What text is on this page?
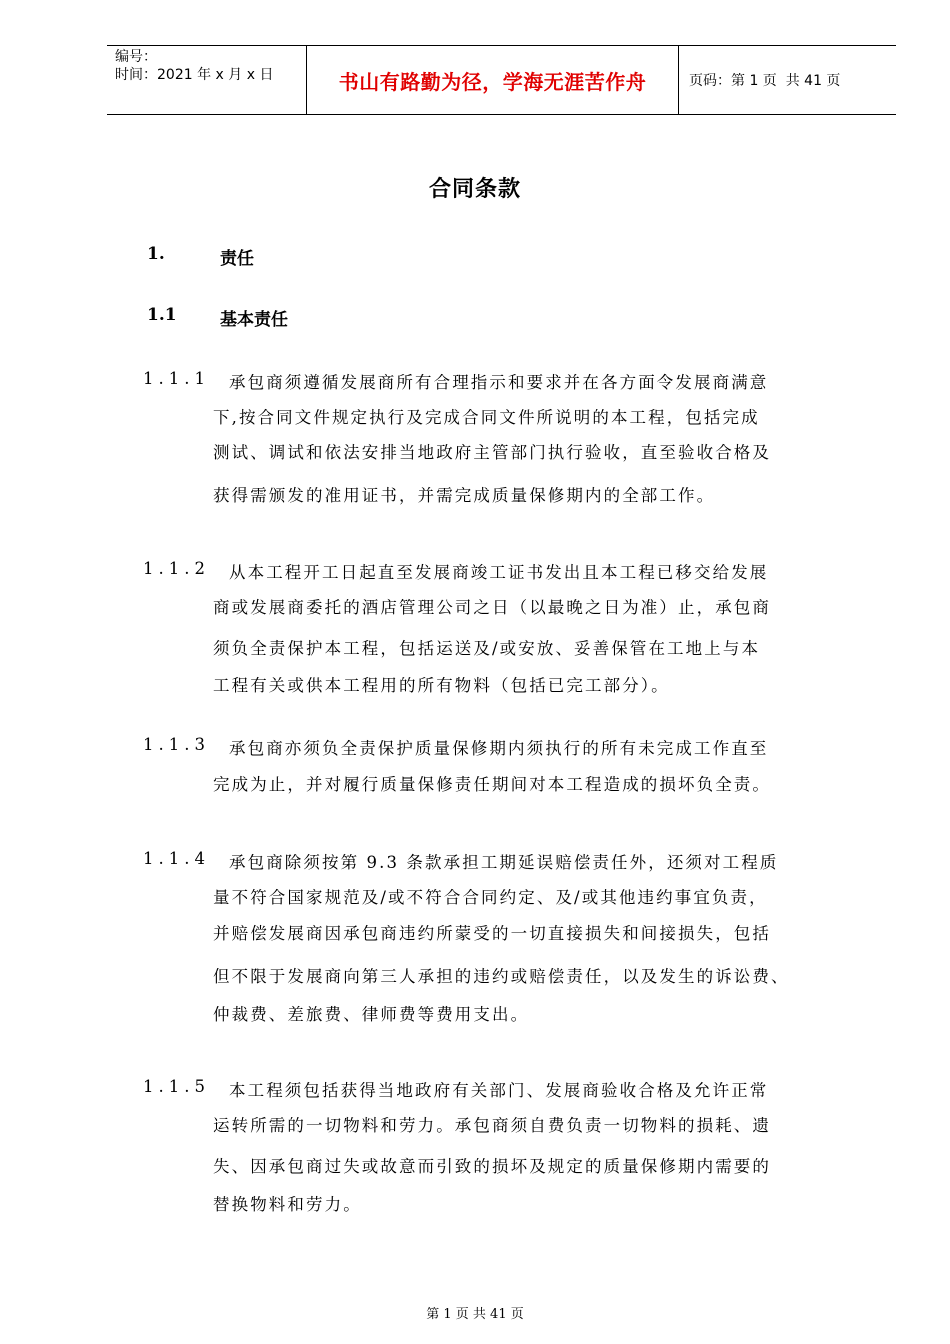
编号：
时间：2021 年 x 月 x 日	书山有路勤为径，学海无涯苦作舟	页码：第 1 页  共 41 页
合同条款
1.	责任
1.1	基本责任
1.1.1 承包商须遵循发展商所有合理指示和要求并在各方面令发展商满意
下,按合同文件规定执行及完成合同文件所说明的本工程，包括完成
测试、调试和依法安排当地政府主管部门执行验收，直至验收合格及
获得需颁发的准用证书，并需完成质量保修期内的全部工作。
1.1.2 从本工程开工日起直至发展商竣工证书发出且本工程已移交给发展
商或发展商委托的酒店管理公司之日（以最晚之日为准）止，承包商
须负全责保护本工程，包括运送及/或安放、妥善保管在工地上与本
工程有关或供本工程用的所有物料（包括已完工部分）。
1.1.3 承包商亦须负全责保护质量保修期内须执行的所有未完成工作直至
完成为止，并对履行质量保修责任期间对本工程造成的损坏负全责。
1.1.4 承包商除须按第 9.3 条款承担工期延误赔偿责任外，还须对工程质
量不符合国家规范及/或不符合合同约定、及/或其他违约事宜负责，
并赔偿发展商因承包商违约所蒙受的一切直接损失和间接损失，包括
但不限于发展商向第三人承担的违约或赔偿责任，以及发生的诉讼费、
仲裁费、差旅费、律师费等费用支出。
1.1.5 本工程须包括获得当地政府有关部门、发展商验收合格及允许正常
运转所需的一切物料和劳力。承包商须自费负责一切物料的损耗、遗
失、因承包商过失或故意而引致的损坏及规定的质量保修期内需要的
替换物料和劳力。
第 1 页 共 41 页
